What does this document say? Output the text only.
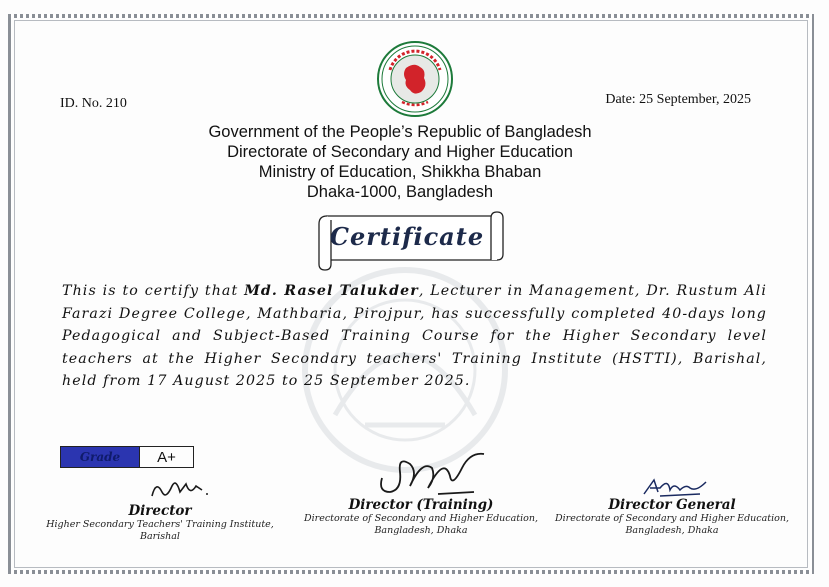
ID. No. 210	Date: 25 September, 2025
Government of the People’s Republic of Bangladesh
Directorate of Secondary and Higher Education
Ministry of Education, Shikkha Bhaban
Dhaka-1000, Bangladesh
Certificate
This is to certify that Md. Rasel Talukder, Lecturer in Management, Dr. Rustum Ali Farazi Degree College, Mathbaria, Pirojpur, has successfully completed 40-days long Pedagogical and Subject-Based Training Course for the Higher Secondary level teachers at the Higher Secondary teachers' Training Institute (HSTTI), Barishal, held from 17 August 2025 to 25 September 2025.
Grade	A+
Director
Higher Secondary Teachers' Training Institute,
Barishal
Director (Training)
Directorate of Secondary and Higher Education,
Bangladesh, Dhaka
Director General
Directorate of Secondary and Higher Education,
Bangladesh, Dhaka
